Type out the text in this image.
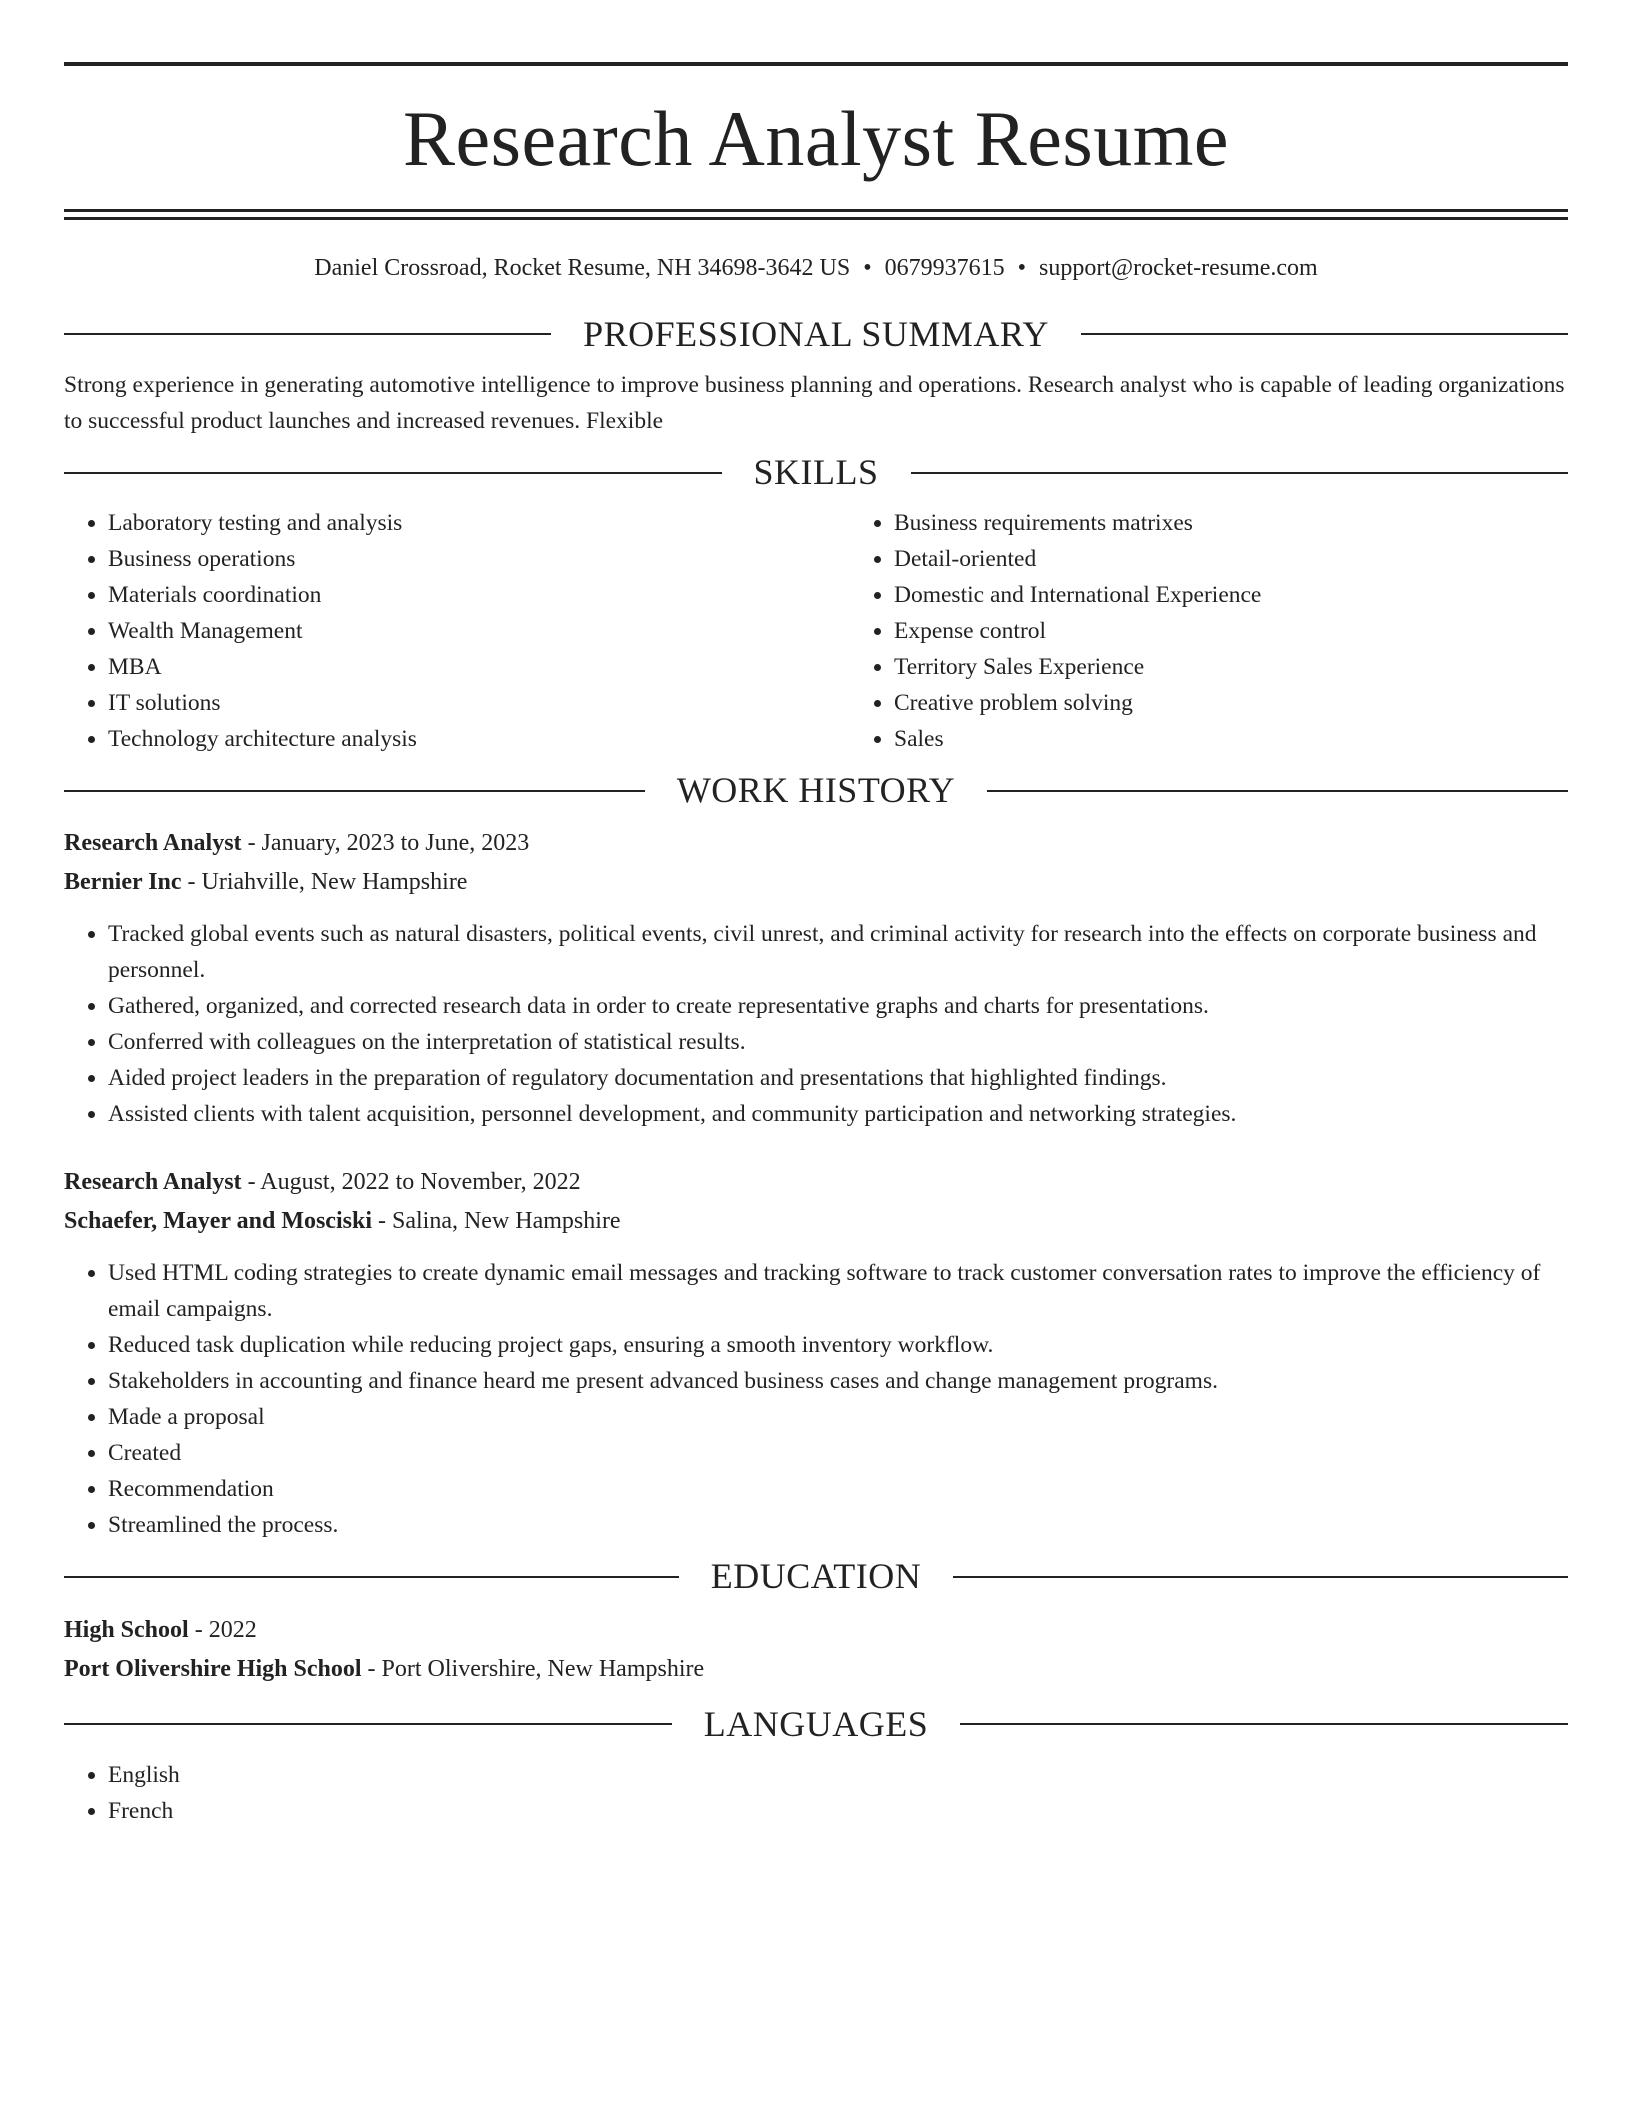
Research Analyst Resume
Daniel Crossroad, Rocket Resume, NH 34698-3642 US • 0679937615 • support@rocket-resume.com
PROFESSIONAL SUMMARY

Strong experience in generating automotive intelligence to improve business planning and operations. Research analyst who is capable of leading organizations to successful product launches and increased revenues. Flexible

SKILLS
• Laboratory testing and analysis
• Business operations
• Materials coordination
• Wealth Management
• MBA
• IT solutions
• Technology architecture analysis
• Business requirements matrixes
• Detail-oriented
• Domestic and International Experience
• Expense control
• Territory Sales Experience
• Creative problem solving
• Sales
WORK HISTORY

Research Analyst - January, 2023 to June, 2023

Bernier Inc - Uriahville, New Hampshire

• Tracked global events such as natural disasters, political events, civil unrest, and criminal activity for research into the effects on corporate business and personnel.
• Gathered, organized, and corrected research data in order to create representative graphs and charts for presentations.
• Conferred with colleagues on the interpretation of statistical results.
• Aided project leaders in the preparation of regulatory documentation and presentations that highlighted findings.
• Assisted clients with talent acquisition, personnel development, and community participation and networking strategies.

Research Analyst - August, 2022 to November, 2022

Schaefer, Mayer and Mosciski - Salina, New Hampshire

• Used HTML coding strategies to create dynamic email messages and tracking software to track customer conversation rates to improve the efficiency of email campaigns.
• Reduced task duplication while reducing project gaps, ensuring a smooth inventory workflow.
• Stakeholders in accounting and finance heard me present advanced business cases and change management programs.
• Made a proposal
• Created
• Recommendation
• Streamlined the process.
EDUCATION

High School - 2022

Port Olivershire High School - Port Olivershire, New Hampshire

LANGUAGES
• English
• French
